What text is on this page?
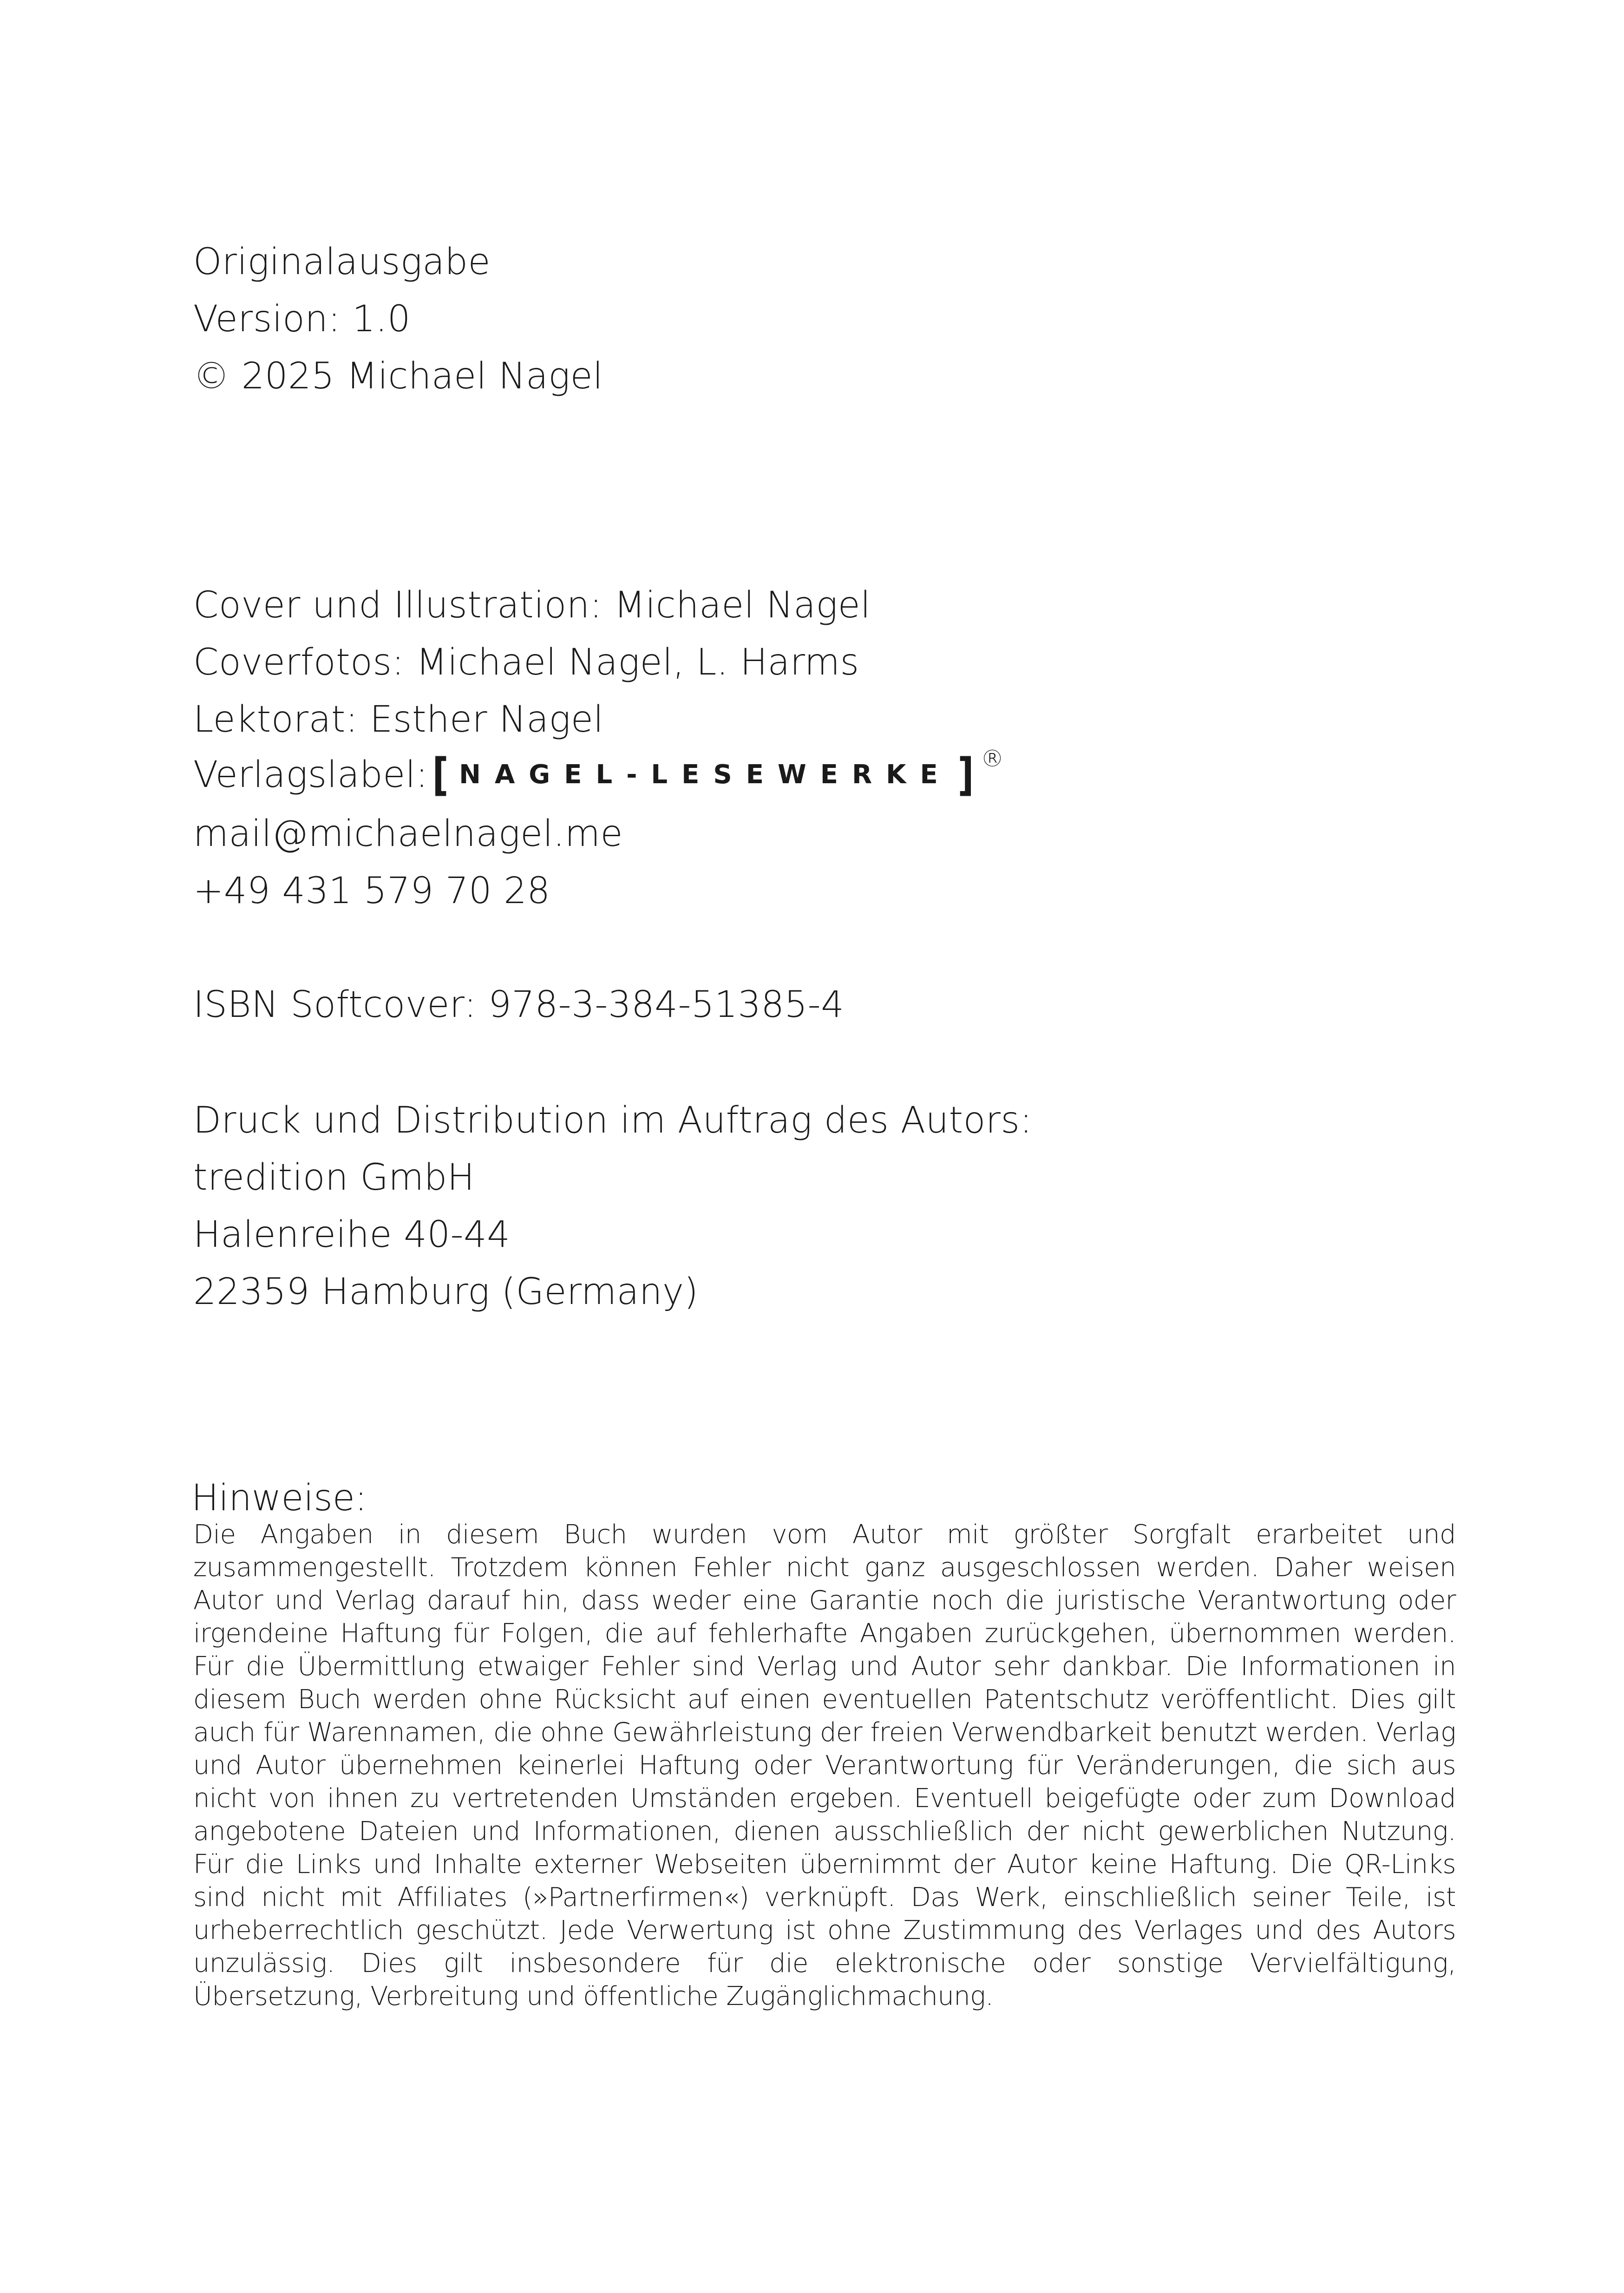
Originalausgabe
Version: 1.0
© 2025 Michael Nagel
Cover und Illustration: Michael Nagel
Coverfotos: Michael Nagel, L. Harms
Lektorat: Esther Nagel
Verlagslabel: [ NAGEL-LESEWERKE ] ®
mail@michaelnagel.me
+49 431 579 70 28
ISBN Softcover: 978-3-384-51385-4
Druck und Distribution im Auftrag des Autors:
tredition GmbH
Halenreihe 40-44
22359 Hamburg (Germany)
Hinweise:
Die Angaben in diesem Buch wurden vom Autor mit größter Sorgfalt erarbeitet und zusammengestellt. Trotzdem können Fehler nicht ganz ausgeschlossen werden. Daher weisen Autor und Verlag darauf hin, dass weder eine Garantie noch die juristische Verantwortung oder irgendeine Haftung für Folgen, die auf fehlerhafte Angaben zurückgehen, übernommen werden. Für die Übermittlung etwaiger Fehler sind Verlag und Autor sehr dankbar. Die Informationen in diesem Buch werden ohne Rücksicht auf einen eventuellen Patentschutz veröffentlicht. Dies gilt auch für Warennamen, die ohne Gewährleistung der freien Verwendbarkeit benutzt werden. Verlag und Autor übernehmen keinerlei Haftung oder Verantwortung für Veränderungen, die sich aus nicht von ihnen zu vertretenden Umständen ergeben. Eventuell beigefügte oder zum Download angebotene Dateien und Informationen, dienen ausschließlich der nicht gewerblichen Nutzung. Für die Links und Inhalte externer Webseiten übernimmt der Autor keine Haftung. Die QR-Links sind nicht mit Affiliates (»Partnerfirmen«) verknüpft. Das Werk, einschließlich seiner Teile, ist urheberrechtlich geschützt. Jede Verwertung ist ohne Zustimmung des Verlages und des Autors unzulässig. Dies gilt insbesondere für die elektronische oder sonstige Vervielfältigung, Übersetzung, Verbreitung und öffentliche Zugänglichmachung.
